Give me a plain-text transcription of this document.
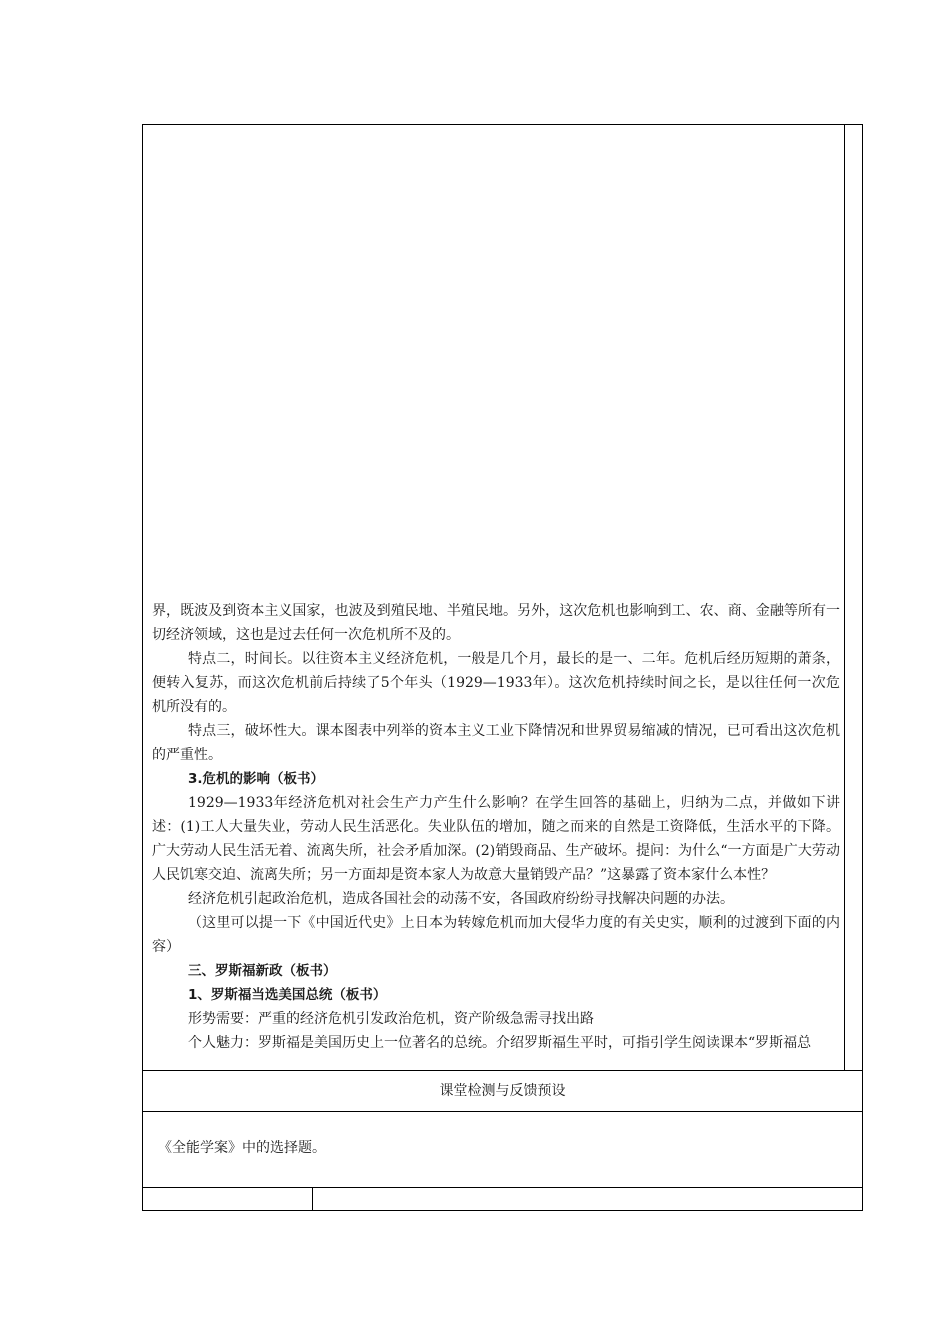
界，既波及到资本主义国家，也波及到殖民地、半殖民地。另外，这次危机也影响到工、农、商、金融等所有一切经济领域，这也是过去任何一次危机所不及的。

特点二，时间长。以往资本主义经济危机，一般是几个月，最长的是一、二年。危机后经历短期的萧条，便转入复苏，而这次危机前后持续了5个年头（1929—1933年）。这次危机持续时间之长，是以往任何一次危机所没有的。

特点三，破坏性大。课本图表中列举的资本主义工业下降情况和世界贸易缩减的情况，已可看出这次危机的严重性。

3.危机的影响（板书）

1929—1933年经济危机对社会生产力产生什么影响？在学生回答的基础上，归纳为二点，并做如下讲述：(1)工人大量失业，劳动人民生活恶化。失业队伍的增加，随之而来的自然是工资降低，生活水平的下降。广大劳动人民生活无着、流离失所，社会矛盾加深。(2)销毁商品、生产破坏。提问：为什么“一方面是广大劳动人民饥寒交迫、流离失所；另一方面却是资本家人为故意大量销毁产品？”这暴露了资本家什么本性？

经济危机引起政治危机，造成各国社会的动荡不安，各国政府纷纷寻找解决问题的办法。

（这里可以提一下《中国近代史》上日本为转嫁危机而加大侵华力度的有关史实，顺利的过渡到下面的内容）

三、罗斯福新政（板书）

1、罗斯福当选美国总统（板书）

形势需要：严重的经济危机引发政治危机，资产阶级急需寻找出路

个人魅力：罗斯福是美国历史上一位著名的总统。介绍罗斯福生平时，可指引学生阅读课本“罗斯福总

课堂检测与反馈预设
《全能学案》中的选择题。
